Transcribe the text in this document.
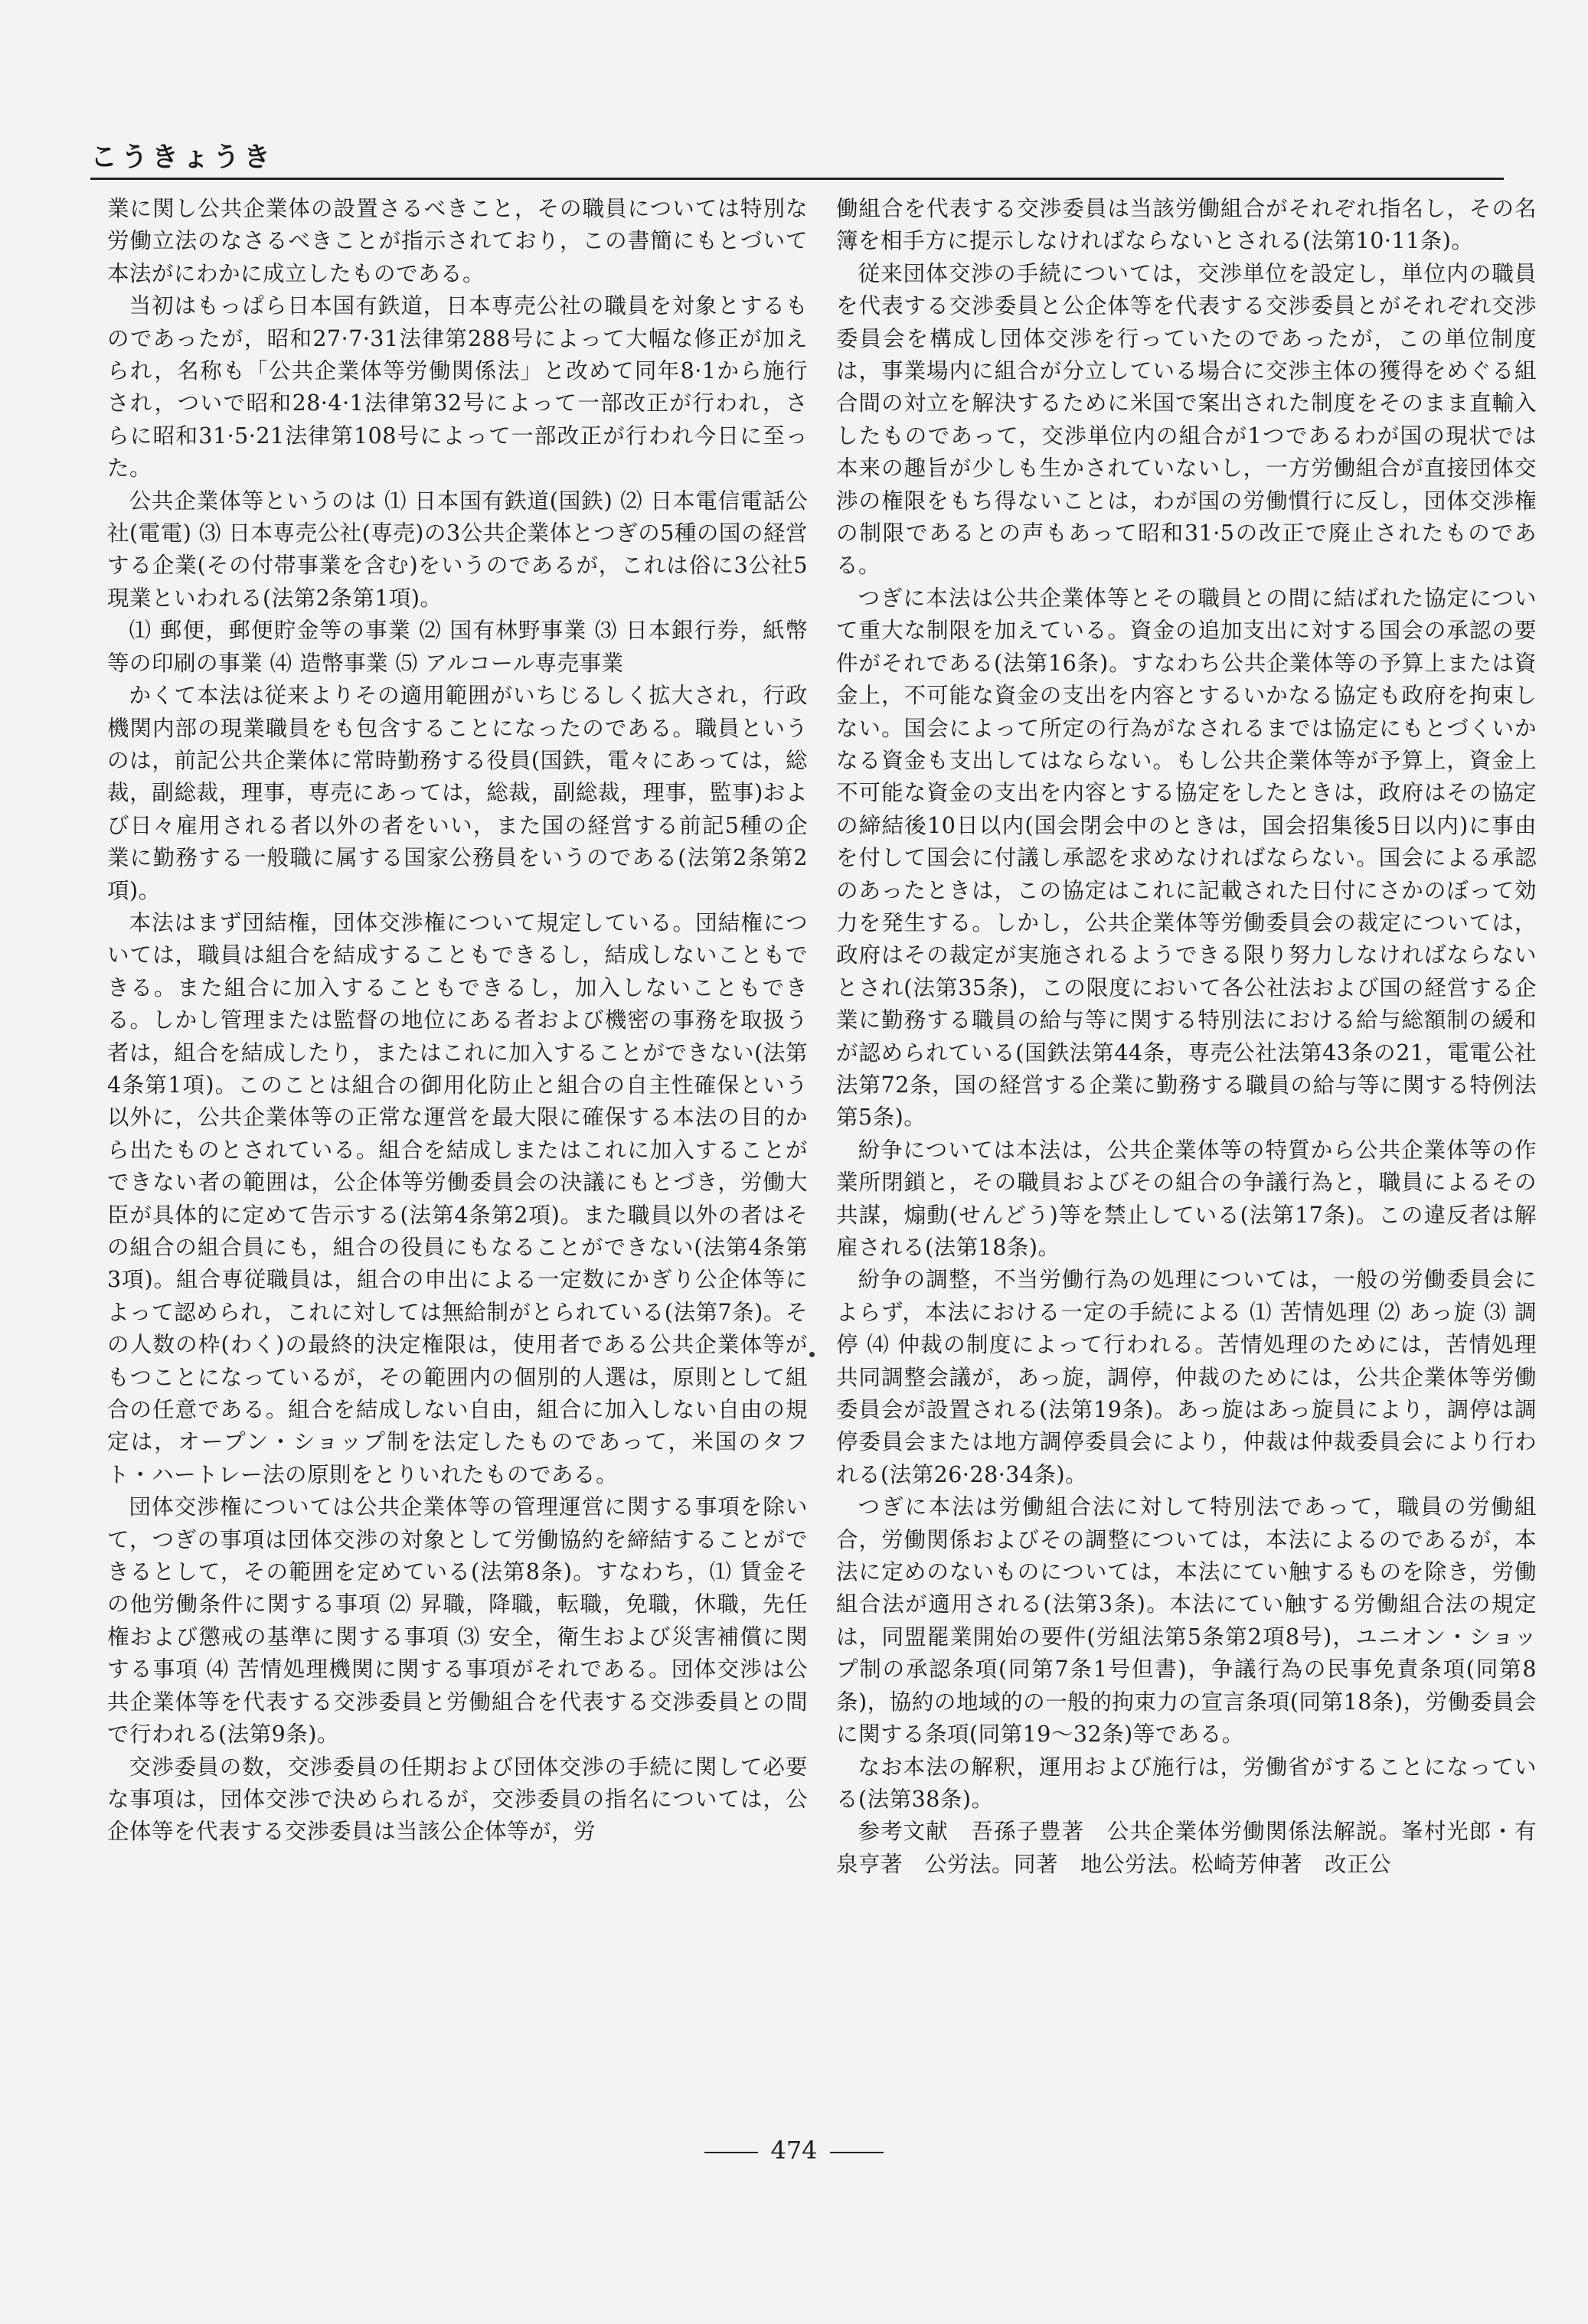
こうきょうき

業に関し公共企業体の設置さるべきこと，その職員については特別な労働立法のなさるべきことが指示されており，この書簡にもとづいて本法がにわかに成立したものである。

当初はもっぱら日本国有鉄道，日本専売公社の職員を対象とするものであったが，昭和27·7·31法律第288号によって大幅な修正が加えられ，名称も「公共企業体等労働関係法」と改めて同年8·1から施行され，ついで昭和28·4·1法律第32号によって一部改正が行われ，さらに昭和31·5·21法律第108号によって一部改正が行われ今日に至った。

公共企業体等というのは ⑴ 日本国有鉄道(国鉄) ⑵ 日本電信電話公社(電電) ⑶ 日本専売公社(専売)の3公共企業体とつぎの5種の国の経営する企業(その付帯事業を含む)をいうのであるが，これは俗に3公社5現業といわれる(法第2条第1項)。

⑴ 郵便，郵便貯金等の事業 ⑵ 国有林野事業 ⑶ 日本銀行券，紙幣等の印刷の事業 ⑷ 造幣事業 ⑸ アルコール専売事業

かくて本法は従来よりその適用範囲がいちじるしく拡大され，行政機関内部の現業職員をも包含することになったのである。職員というのは，前記公共企業体に常時勤務する役員(国鉄，電々にあっては，総裁，副総裁，理事，専売にあっては，総裁，副総裁，理事，監事)および日々雇用される者以外の者をいい，また国の経営する前記5種の企業に勤務する一般職に属する国家公務員をいうのである(法第2条第2項)。

本法はまず団結権，団体交渉権について規定している。団結権については，職員は組合を結成することもできるし，結成しないこともできる。また組合に加入することもできるし，加入しないこともできる。しかし管理または監督の地位にある者および機密の事務を取扱う者は，組合を結成したり，またはこれに加入することができない(法第4条第1項)。このことは組合の御用化防止と組合の自主性確保という以外に，公共企業体等の正常な運営を最大限に確保する本法の目的から出たものとされている。組合を結成しまたはこれに加入することができない者の範囲は，公企体等労働委員会の決議にもとづき，労働大臣が具体的に定めて告示する(法第4条第2項)。また職員以外の者はその組合の組合員にも，組合の役員にもなることができない(法第4条第3項)。組合専従職員は，組合の申出による一定数にかぎり公企体等によって認められ，これに対しては無給制がとられている(法第7条)。その人数の枠(わく)の最終的決定権限は，使用者である公共企業体等がもつことになっているが，その範囲内の個別的人選は，原則として組合の任意である。組合を結成しない自由，組合に加入しない自由の規定は，オープン・ショップ制を法定したものであって，米国のタフト・ハートレー法の原則をとりいれたものである。

団体交渉権については公共企業体等の管理運営に関する事項を除いて，つぎの事項は団体交渉の対象として労働協約を締結することができるとして，その範囲を定めている(法第8条)。すなわち，⑴ 賃金その他労働条件に関する事項 ⑵ 昇職，降職，転職，免職，休職，先任権および懲戒の基準に関する事項 ⑶ 安全，衛生および災害補償に関する事項 ⑷ 苦情処理機関に関する事項がそれである。団体交渉は公共企業体等を代表する交渉委員と労働組合を代表する交渉委員との間で行われる(法第9条)。

交渉委員の数，交渉委員の任期および団体交渉の手続に関して必要な事項は，団体交渉で決められるが，交渉委員の指名については，公企体等を代表する交渉委員は当該公企体等が，労

働組合を代表する交渉委員は当該労働組合がそれぞれ指名し，その名簿を相手方に提示しなければならないとされる(法第10·11条)。

従来団体交渉の手続については，交渉単位を設定し，単位内の職員を代表する交渉委員と公企体等を代表する交渉委員とがそれぞれ交渉委員会を構成し団体交渉を行っていたのであったが，この単位制度は，事業場内に組合が分立している場合に交渉主体の獲得をめぐる組合間の対立を解決するために米国で案出された制度をそのまま直輸入したものであって，交渉単位内の組合が1つであるわが国の現状では本来の趣旨が少しも生かされていないし，一方労働組合が直接団体交渉の権限をもち得ないことは，わが国の労働慣行に反し，団体交渉権の制限であるとの声もあって昭和31·5の改正で廃止されたものである。

つぎに本法は公共企業体等とその職員との間に結ばれた協定について重大な制限を加えている。資金の追加支出に対する国会の承認の要件がそれである(法第16条)。すなわち公共企業体等の予算上または資金上，不可能な資金の支出を内容とするいかなる協定も政府を拘束しない。国会によって所定の行為がなされるまでは協定にもとづくいかなる資金も支出してはならない。もし公共企業体等が予算上，資金上不可能な資金の支出を内容とする協定をしたときは，政府はその協定の締結後10日以内(国会閉会中のときは，国会招集後5日以内)に事由を付して国会に付議し承認を求めなければならない。国会による承認のあったときは，この協定はこれに記載された日付にさかのぼって効力を発生する。しかし，公共企業体等労働委員会の裁定については，政府はその裁定が実施されるようできる限り努力しなければならないとされ(法第35条)，この限度において各公社法および国の経営する企業に勤務する職員の給与等に関する特別法における給与総額制の緩和が認められている(国鉄法第44条，専売公社法第43条の21，電電公社法第72条，国の経営する企業に勤務する職員の給与等に関する特例法第5条)。

紛争については本法は，公共企業体等の特質から公共企業体等の作業所閉鎖と，その職員およびその組合の争議行為と，職員によるその共謀，煽動(せんどう)等を禁止している(法第17条)。この違反者は解雇される(法第18条)。

紛争の調整，不当労働行為の処理については，一般の労働委員会によらず，本法における一定の手続による ⑴ 苦情処理 ⑵ あっ旋 ⑶ 調停 ⑷ 仲裁の制度によって行われる。苦情処理のためには，苦情処理共同調整会議が，あっ旋，調停，仲裁のためには，公共企業体等労働委員会が設置される(法第19条)。あっ旋はあっ旋員により，調停は調停委員会または地方調停委員会により，仲裁は仲裁委員会により行われる(法第26·28·34条)。

つぎに本法は労働組合法に対して特別法であって，職員の労働組合，労働関係およびその調整については，本法によるのであるが，本法に定めのないものについては，本法にてい触するものを除き，労働組合法が適用される(法第3条)。本法にてい触する労働組合法の規定は，同盟罷業開始の要件(労組法第5条第2項8号)，ユニオン・ショップ制の承認条項(同第7条1号但書)，争議行為の民事免責条項(同第8条)，協約の地域的の一般的拘束力の宣言条項(同第18条)，労働委員会に関する条項(同第19〜32条)等である。

なお本法の解釈，運用および施行は，労働省がすることになっている(法第38条)。

参考文献　吾孫子豊著　公共企業体労働関係法解説。峯村光郎・有泉亨著　公労法。同著　地公労法。松崎芳伸著　改正公

474
